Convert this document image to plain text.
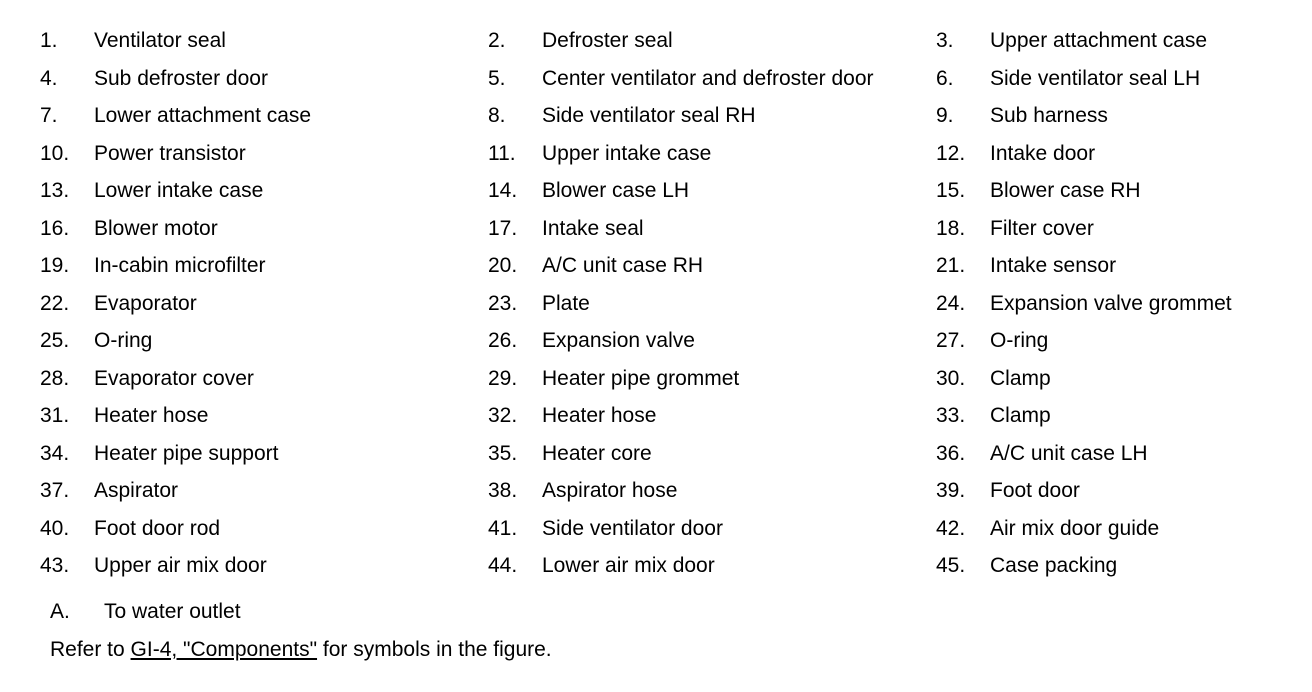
1.	Ventilator seal	2.	Defroster seal	3.	Upper attachment case
4.	Sub defroster door	5.	Center ventilator and defroster door	6.	Side ventilator seal LH
7.	Lower attachment case	8.	Side ventilator seal RH	9.	Sub harness
10.	Power transistor	11.	Upper intake case	12.	Intake door
13.	Lower intake case	14.	Blower case LH	15.	Blower case RH
16.	Blower motor	17.	Intake seal	18.	Filter cover
19.	In-cabin microfilter	20.	A/C unit case RH	21.	Intake sensor
22.	Evaporator	23.	Plate	24.	Expansion valve grommet
25.	O-ring	26.	Expansion valve	27.	O-ring
28.	Evaporator cover	29.	Heater pipe grommet	30.	Clamp
31.	Heater hose	32.	Heater hose	33.	Clamp
34.	Heater pipe support	35.	Heater core	36.	A/C unit case LH
37.	Aspirator	38.	Aspirator hose	39.	Foot door
40.	Foot door rod	41.	Side ventilator door	42.	Air mix door guide
43.	Upper air mix door	44.	Lower air mix door	45.	Case packing
A. To water outlet
Refer to GI-4, "Components" for symbols in the figure.
